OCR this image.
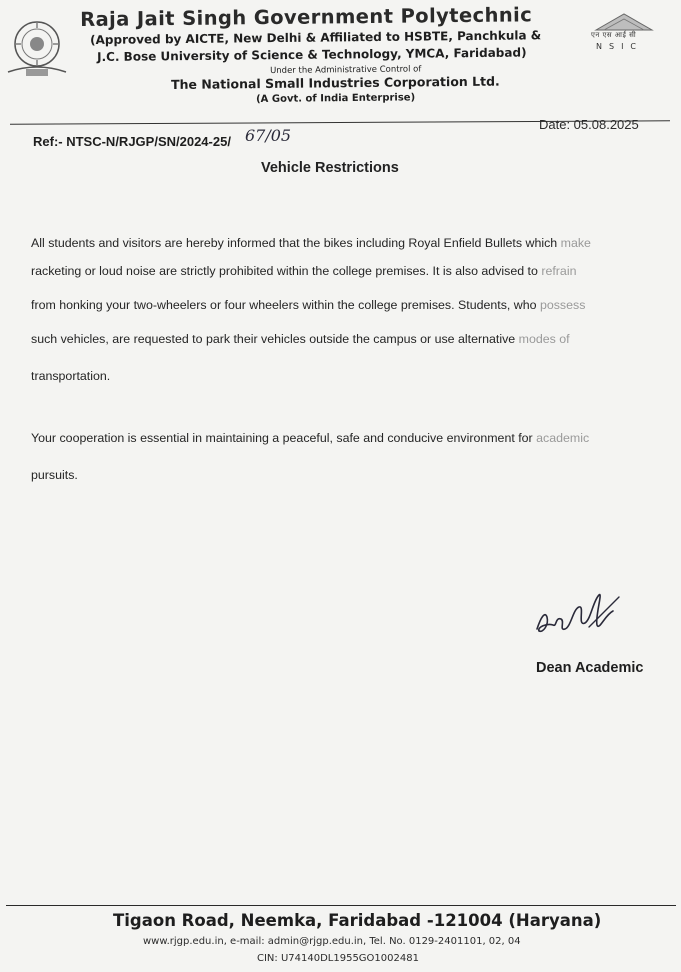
एन एस आई सी
NSIC
Raja Jait Singh Government Polytechnic
(Approved by AICTE, New Delhi & Affiliated to HSBTE, Panchkula &
J.C. Bose University of Science & Technology, YMCA, Faridabad)
Under the Administrative Control of
The National Small Industries Corporation Ltd.
(A Govt. of India Enterprise)
Ref:- NTSC-N/RJGP/SN/2024-25/ 67/05
Date: 05.08.2025
Vehicle Restrictions
All students and visitors are hereby informed that the bikes including Royal Enfield Bullets which make
racketing or loud noise are strictly prohibited within the college premises. It is also advised to refrain
from honking your two-wheelers or four wheelers within the college premises. Students, who possess
such vehicles, are requested to park their vehicles outside the campus or use alternative modes of
transportation.
Your cooperation is essential in maintaining a peaceful, safe and conducive environment for academic
pursuits.
Dean Academic
Tigaon Road, Neemka, Faridabad -121004 (Haryana)
www.rjgp.edu.in, e-mail: admin@rjgp.edu.in, Tel. No. 0129-2401101, 02, 04
CIN: U74140DL1955GO1002481
